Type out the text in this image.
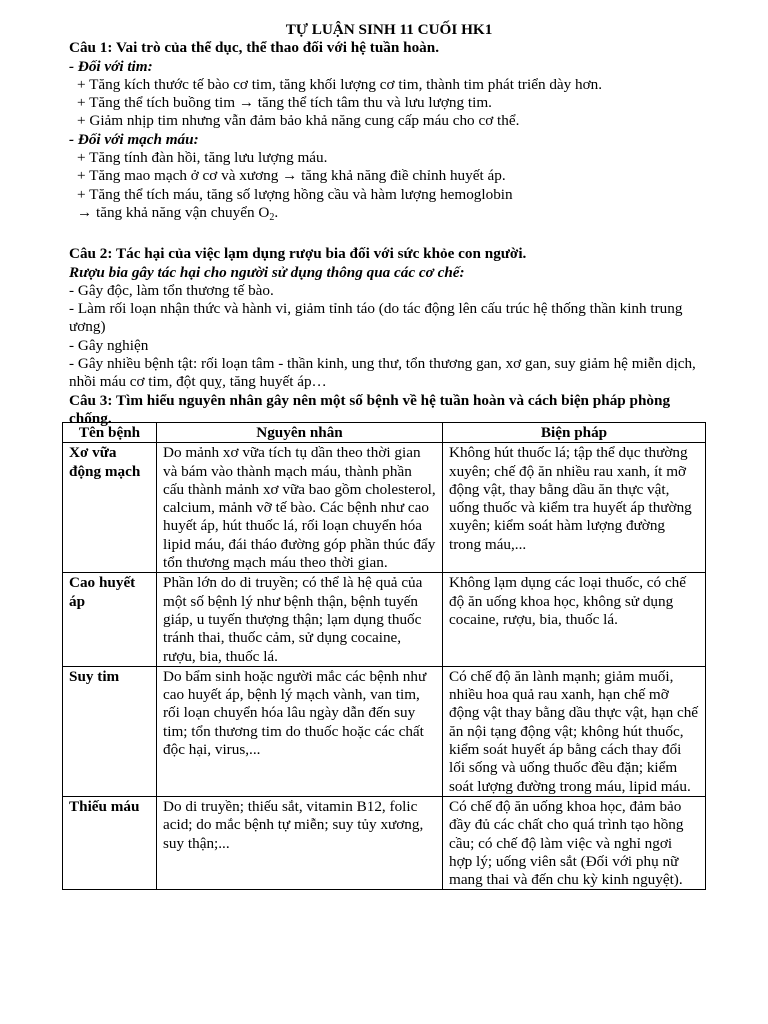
TỰ LUẬN SINH 11 CUỐI HK1

Câu 1: Vai trò của thể dục, thể thao đối với hệ tuần hoàn.

- Đối với tim:

+ Tăng kích thước tế bào cơ tim, tăng khối lượng cơ tim, thành tim phát triển dày hơn.

+ Tăng thể tích buồng tim → tăng thể tích tâm thu và lưu lượng tim.

+ Giảm nhịp tim nhưng vẫn đảm bảo khả năng cung cấp máu cho cơ thể.

- Đối với mạch máu:

+ Tăng tính đàn hồi, tăng lưu lượng máu.

+ Tăng mao mạch ở cơ và xương → tăng khả năng điề chỉnh huyết áp.

+ Tăng thể tích máu, tăng số lượng hồng cầu và hàm lượng hemoglobin

→ tăng khả năng vận chuyển $O_2$.

Câu 2: Tác hại của việc lạm dụng rượu bia đối với sức khỏe con người.

Rượu bia gây tác hại cho người sử dụng thông qua các cơ chế:

- Gây độc, làm tổn thương tế bào.

- Làm rối loạn nhận thức và hành vi, giảm tỉnh táo (do tác động lên cấu trúc hệ thống thần kinh trung ương)

- Gây nghiện

- Gây nhiều bệnh tật: rối loạn tâm - thần kinh, ung thư, tổn thương gan, xơ gan, suy giảm hệ miễn dịch, nhồi máu cơ tim, đột quỵ, tăng huyết áp…

Câu 3: Tìm hiểu nguyên nhân gây nên một số bệnh về hệ tuần hoàn và cách biện pháp phòng chống.

Tên bệnh	Nguyên nhân	Biện pháp
Xơ vữa động mạch	Do mảnh xơ vữa tích tụ dần theo thời gian và bám vào thành mạch máu, thành phần cấu thành mảnh xơ vữa bao gồm cholesterol, calcium, mảnh vỡ tế bào. Các bệnh như cao huyết áp, hút thuốc lá, rối loạn chuyển hóa lipid máu, đái tháo đường góp phần thúc đẩy tổn thương mạch máu theo thời gian.	Không hút thuốc lá; tập thể dục thường xuyên; chế độ ăn nhiều rau xanh, ít mỡ động vật, thay bằng dầu ăn thực vật, uống thuốc và kiểm tra huyết áp thường xuyên; kiểm soát hàm lượng đường trong máu,...
Cao huyết áp	Phần lớn do di truyền; có thể là hệ quả của một số bệnh lý như bệnh thận, bệnh tuyến giáp, u tuyến thượng thận; lạm dụng thuốc tránh thai, thuốc cảm, sử dụng cocaine, rượu, bia, thuốc lá.	Không lạm dụng các loại thuốc, có chế độ ăn uống khoa học, không sử dụng cocaine, rượu, bia, thuốc lá.
Suy tim	Do bẩm sinh hoặc người mắc các bệnh như cao huyết áp, bệnh lý mạch vành, van tim, rối loạn chuyển hóa lâu ngày dẫn đến suy tim; tổn thương tim do thuốc hoặc các chất độc hại, virus,...	Có chế độ ăn lành mạnh; giảm muối, nhiều hoa quả rau xanh, hạn chế mỡ động vật thay bằng dầu thực vật, hạn chế ăn nội tạng động vật; không hút thuốc, kiểm soát huyết áp bằng cách thay đổi lối sống và uống thuốc đều đặn; kiểm soát lượng đường trong máu, lipid máu.
Thiếu máu	Do di truyền; thiếu sắt, vitamin B12, folic acid; do mắc bệnh tự miễn; suy tủy xương, suy thận;...	Có chế độ ăn uống khoa học, đảm bảo đầy đủ các chất cho quá trình tạo hồng cầu; có chế độ làm việc và nghỉ ngơi hợp lý; uống viên sắt (Đối với phụ nữ mang thai và đến chu kỳ kinh nguyệt).
